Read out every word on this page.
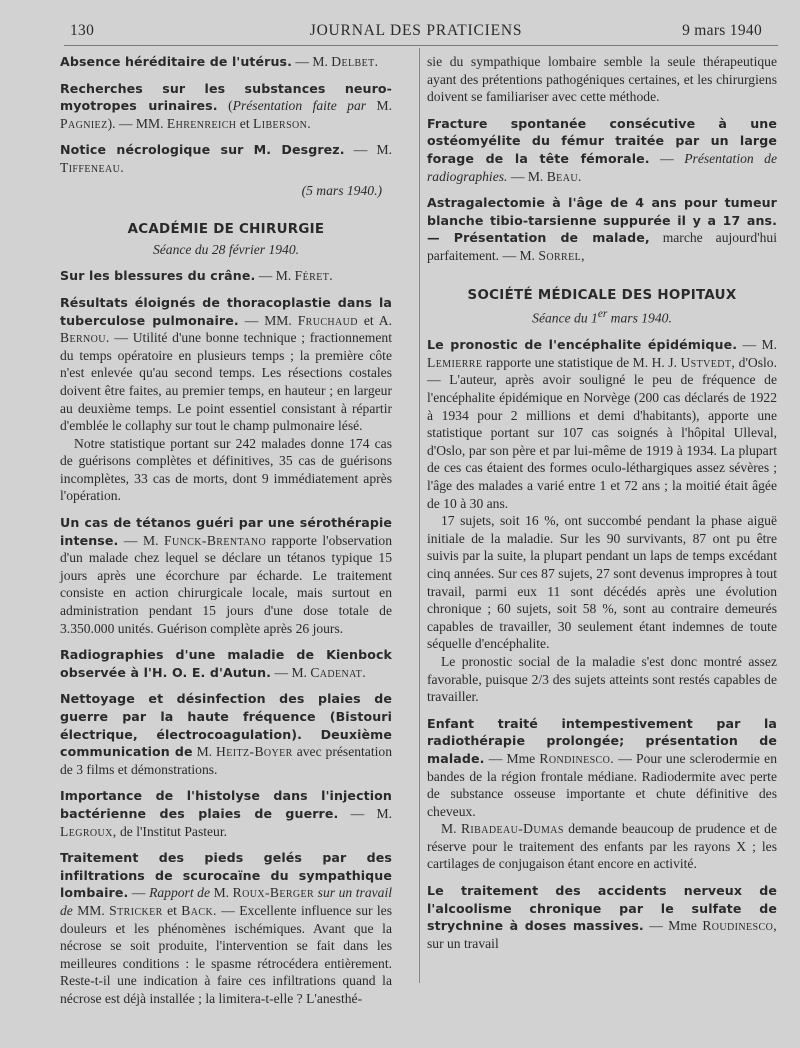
130	JOURNAL DES PRATICIENS	9 mars 1940

Absence héréditaire de l'utérus. — M. Delbet.

Recherches sur les substances neuro-myotropes urinaires. (Présentation faite par M. Pagniez). — MM. Ehrenreich et Liberson.

Notice nécrologique sur M. Desgrez. — M. Tiffeneau.

(5 mars 1940.)

ACADÉMIE DE CHIRURGIE

Séance du 28 février 1940.

Sur les blessures du crâne. — M. Féret.

Résultats éloignés de thoracoplastie dans la tuberculose pulmonaire. — MM. Fruchaud et A. Bernou. — Utilité d'une bonne technique ; fractionnement du temps opératoire en plusieurs temps ; la première côte n'est enlevée qu'au second temps. Les résections costales doivent être faites, au premier temps, en hauteur ; en largeur au deuxième temps. Le point essentiel consistant à répartir d'emblée le collaphy sur tout le champ pulmonaire lésé.

Notre statistique portant sur 242 malades donne 174 cas de guérisons complètes et définitives, 35 cas de guérisons incomplètes, 33 cas de morts, dont 9 immédiatement après l'opération.

Un cas de tétanos guéri par une sérothérapie intense. — M. Funck-Brentano rapporte l'observation d'un malade chez lequel se déclare un tétanos typique 15 jours après une écorchure par écharde. Le traitement consiste en action chirurgicale locale, mais surtout en administration pendant 15 jours d'une dose totale de 3.350.000 unités. Guérison complète après 26 jours.

Radiographies d'une maladie de Kienbock observée à l'H. O. E. d'Autun. — M. Cadenat.

Nettoyage et désinfection des plaies de guerre par la haute fréquence (Bistouri électrique, électrocoagulation). Deuxième communication de M. Heitz-Boyer avec présentation de 3 films et démonstrations.

Importance de l'histolyse dans l'injection bactérienne des plaies de guerre. — M. Legroux, de l'Institut Pasteur.

Traitement des pieds gelés par des infiltrations de scurocaïne du sympathique lombaire. — Rapport de M. Roux-Berger sur un travail de MM. Stricker et Back. — Excellente influence sur les douleurs et les phénomènes ischémiques. Avant que la nécrose se soit produite, l'intervention se fait dans les meilleures conditions : le spasme rétrocédera entièrement. Reste-t-il une indication à faire ces infiltrations quand la nécrose est déjà installée ; la limitera-t-elle ? L'anesthé-

sie du sympathique lombaire semble la seule thérapeutique ayant des prétentions pathogéniques certaines, et les chirurgiens doivent se familiariser avec cette méthode.

Fracture spontanée consécutive à une ostéomyélite du fémur traitée par un large forage de la tête fémorale. — Présentation de radiographies. — M. Beau.

Astragalectomie à l'âge de 4 ans pour tumeur blanche tibio-tarsienne suppurée il y a 17 ans. — Présentation de malade, marche aujourd'hui parfaitement. — M. Sorrel,

SOCIÉTÉ MÉDICALE DES HOPITAUX

Séance du 1er mars 1940.

Le pronostic de l'encéphalite épidémique. — M. Lemierre rapporte une statistique de M. H. J. Ustvedt, d'Oslo. — L'auteur, après avoir souligné le peu de fréquence de l'encéphalite épidémique en Norvège (200 cas déclarés de 1922 à 1934 pour 2 millions et demi d'habitants), apporte une statistique portant sur 107 cas soignés à l'hôpital Ulleval, d'Oslo, par son père et par lui-même de 1919 à 1934. La plupart de ces cas étaient des formes oculo-léthargiques assez sévères ; l'âge des malades a varié entre 1 et 72 ans ; la moitié était âgée de 10 à 30 ans.

17 sujets, soit 16 %, ont succombé pendant la phase aiguë initiale de la maladie. Sur les 90 survivants, 87 ont pu être suivis par la suite, la plupart pendant un laps de temps excédant cinq années. Sur ces 87 sujets, 27 sont devenus impropres à tout travail, parmi eux 11 sont décédés après une évolution chronique ; 60 sujets, soit 58 %, sont au contraire demeurés capables de travailler, 30 seulement étant indemnes de toute séquelle d'encéphalite.

Le pronostic social de la maladie s'est donc montré assez favorable, puisque 2/3 des sujets atteints sont restés capables de travailler.

Enfant traité intempestivement par la radiothérapie prolongée; présentation de malade. — Mme Rondinesco. — Pour une sclerodermie en bandes de la région frontale médiane. Radiodermite avec perte de substance osseuse importante et chute définitive des cheveux.

M. Ribadeau-Dumas demande beaucoup de prudence et de réserve pour le traitement des enfants par les rayons X ; les cartilages de conjugaison étant encore en activité.

Le traitement des accidents nerveux de l'alcoolisme chronique par le sulfate de strychnine à doses massives. — Mme Roudinesco, sur un travail
